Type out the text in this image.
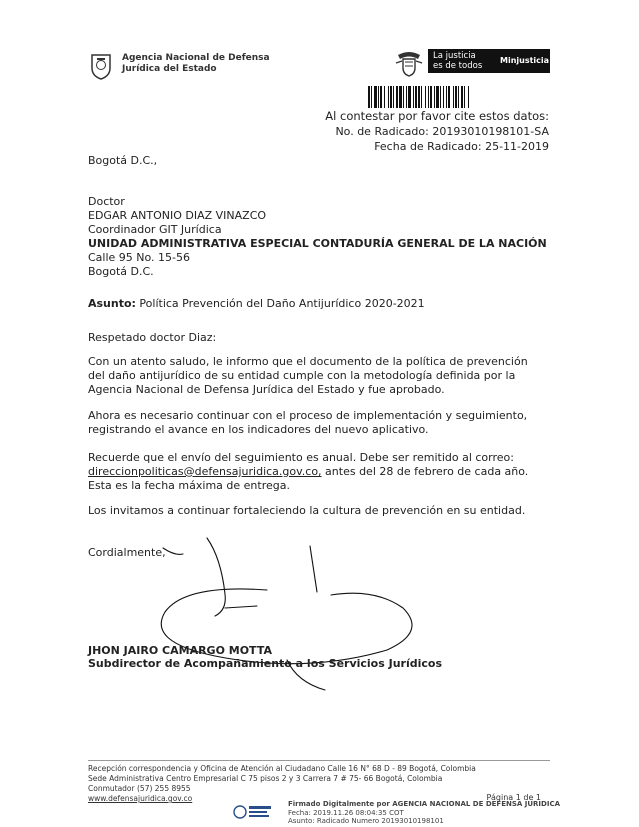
Agencia Nacional de Defensa
Jurídica del Estado
La justicia
es de todos
Minjusticia
Al contestar por favor cite estos datos:
No. de Radicado: 20193010198101-SA
Fecha de Radicado: 25-11-2019
Bogotá D.C.,
Doctor
EDGAR ANTONIO DIAZ VINAZCO
Coordinador GIT Jurídica
UNIDAD ADMINISTRATIVA ESPECIAL CONTADURÍA GENERAL DE LA NACIÓN
Calle 95 No. 15-56
Bogotá D.C.
Asunto: Política Prevención del Daño Antijurídico 2020-2021
Respetado doctor Diaz:
Con un atento saludo, le informo que el documento de la política de prevención
del daño antijurídico de su entidad cumple con la metodología definida por la
Agencia Nacional de Defensa Jurídica del Estado y fue aprobado.
Ahora es necesario continuar con el proceso de implementación y seguimiento,
registrando el avance en los indicadores del nuevo aplicativo.
Recuerde que el envío del seguimiento es anual. Debe ser remitido al correo:
direccionpoliticas@defensajuridica.gov.co, antes del 28 de febrero de cada año.
Esta es la fecha máxima de entrega.
Los invitamos a continuar fortaleciendo la cultura de prevención en su entidad.
Cordialmente,
JHON JAIRO CAMARGO MOTTA
Subdirector de Acompañamiento a los Servicios Jurídicos
Recepción correspondencia y Oficina de Atención al Ciudadano Calle 16 N° 68 D - 89 Bogotá, Colombia
Sede Administrativa Centro Empresarial C 75 pisos 2 y 3 Carrera 7 # 75- 66 Bogotá, Colombia
Conmutador (57) 255 8955
www.defensajuridica.gov.co	Página 1 de 1
Firmado Digitalmente por AGENCIA NACIONAL DE DEFENSA JURIDICA
Fecha: 2019.11.26 08:04:35 COT
Asunto: Radicado Numero 20193010198101
